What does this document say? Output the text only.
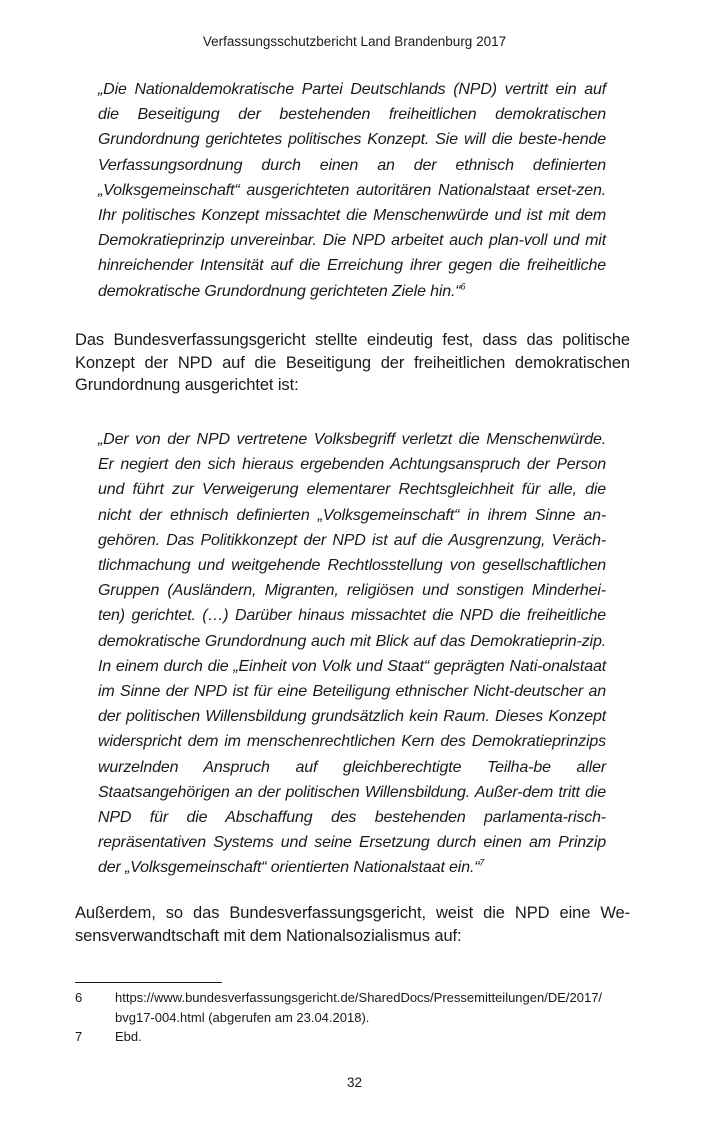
Verfassungsschutzbericht Land Brandenburg 2017
„Die Nationaldemokratische Partei Deutschlands (NPD) vertritt ein auf die Beseitigung der bestehenden freiheitlichen demokratischen Grundordnung gerichtetes politisches Konzept. Sie will die beste-hende Verfassungsordnung durch einen an der ethnisch definierten „Volksgemeinschaft“ ausgerichteten autoritären Nationalstaat erset-zen. Ihr politisches Konzept missachtet die Menschenwürde und ist mit dem Demokratieprinzip unvereinbar. Die NPD arbeitet auch plan-voll und mit hinreichender Intensität auf die Erreichung ihrer gegen die freiheitliche demokratische Grundordnung gerichteten Ziele hin.“$^6$
Das Bundesverfassungsgericht stellte eindeutig fest, dass das politische Konzept der NPD auf die Beseitigung der freiheitlichen demokratischen Grundordnung ausgerichtet ist:
„Der von der NPD vertretene Volksbegriff verletzt die Menschenwürde. Er negiert den sich hieraus ergebenden Achtungsanspruch der Person und führt zur Verweigerung elementarer Rechtsgleichheit für alle, die nicht der ethnisch definierten „Volksgemeinschaft“ in ihrem Sinne an-gehören. Das Politikkonzept der NPD ist auf die Ausgrenzung, Veräch-tlichmachung und weitgehende Rechtlosstellung von gesellschaftlichen Gruppen (Ausländern, Migranten, religiösen und sonstigen Minderhei-ten) gerichtet. (…) Darüber hinaus missachtet die NPD die freiheitliche demokratische Grundordnung auch mit Blick auf das Demokratieprin-zip. In einem durch die „Einheit von Volk und Staat“ geprägten Nati-onalstaat im Sinne der NPD ist für eine Beteiligung ethnischer Nicht-deutscher an der politischen Willensbildung grundsätzlich kein Raum. Dieses Konzept widerspricht dem im menschenrechtlichen Kern des Demokratieprinzips wurzelnden Anspruch auf gleichberechtigte Teilha-be aller Staatsangehörigen an der politischen Willensbildung. Außer-dem tritt die NPD für die Abschaffung des bestehenden parlamenta-risch-repräsentativen Systems und seine Ersetzung durch einen am Prinzip der „Volksgemeinschaft“ orientierten Nationalstaat ein.“$^7$
Außerdem, so das Bundesverfassungsgericht, weist die NPD eine We-sensverwandtschaft mit dem Nationalsozialismus auf:
6	https://www.bundesverfassungsgericht.de/SharedDocs/Pressemitteilungen/DE/2017/ bvg17-004.html (abgerufen am 23.04.2018).
7	Ebd.
32
